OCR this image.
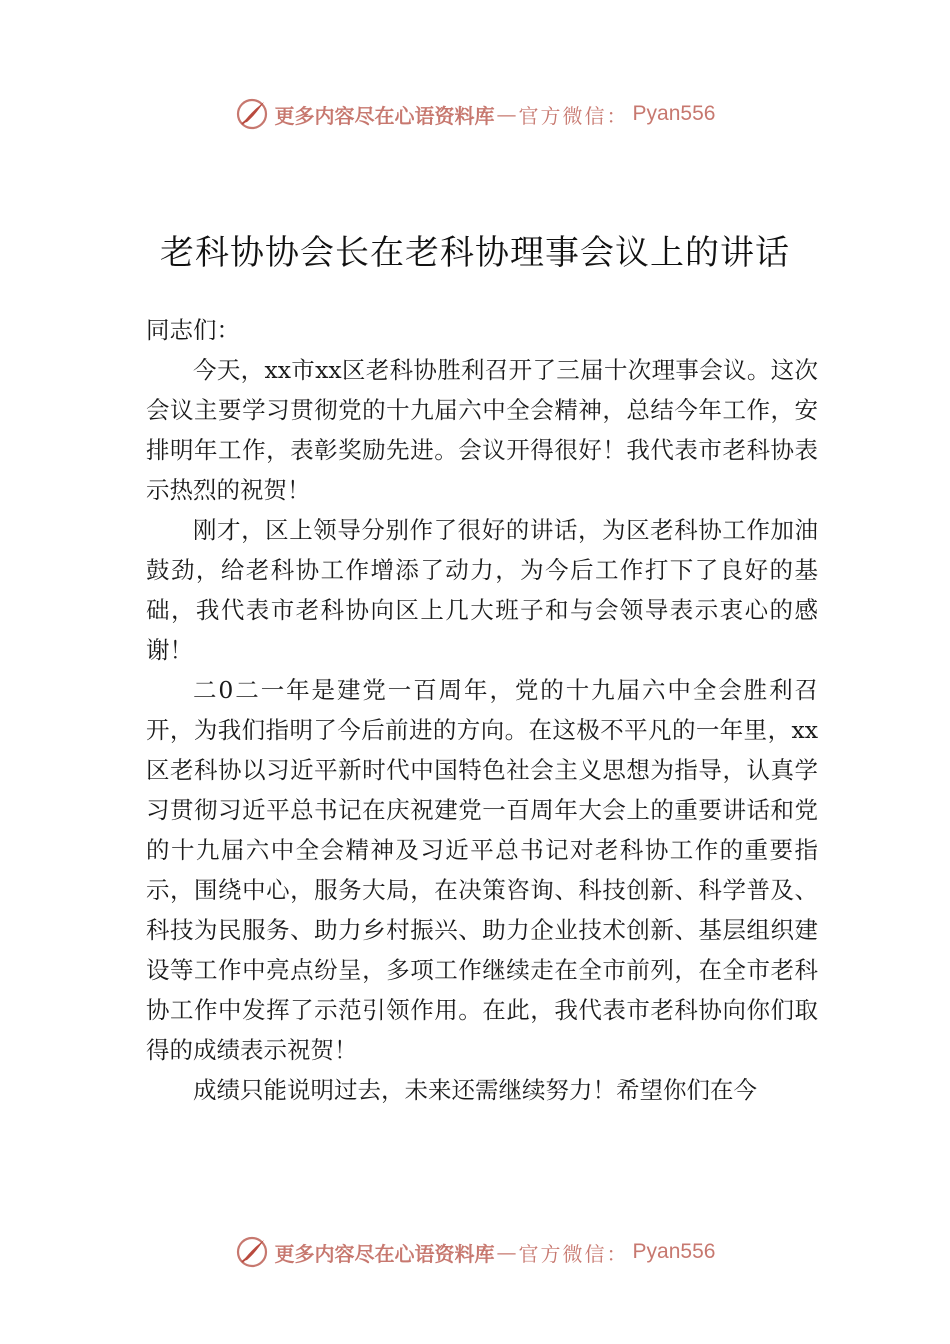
更多内容尽在心语资料库 — 官方微信： Pyan556
老科协协会长在老科协理事会议上的讲话

同志们：

今天，xx市xx区老科协胜利召开了三届十次理事会议。这次会议主要学习贯彻党的十九届六中全会精神，总结今年工作，安排明年工作，表彰奖励先进。会议开得很好！我代表市老科协表示热烈的祝贺！

刚才，区上领导分别作了很好的讲话，为区老科协工作加油鼓劲，给老科协工作增添了动力，为今后工作打下了良好的基础，我代表市老科协向区上几大班子和与会领导表示衷心的感谢！

二0二一年是建党一百周年，党的十九届六中全会胜利召开，为我们指明了今后前进的方向。在这极不平凡的一年里，xx区老科协以习近平新时代中国特色社会主义思想为指导，认真学习贯彻习近平总书记在庆祝建党一百周年大会上的重要讲话和党的十九届六中全会精神及习近平总书记对老科协工作的重要指示，围绕中心，服务大局，在决策咨询、科技创新、科学普及、科技为民服务、助力乡村振兴、助力企业技术创新、基层组织建设等工作中亮点纷呈，多项工作继续走在全市前列，在全市老科协工作中发挥了示范引领作用。在此，我代表市老科协向你们取得的成绩表示祝贺！

成绩只能说明过去，未来还需继续努力！希望你们在今

更多内容尽在心语资料库 — 官方微信： Pyan556
